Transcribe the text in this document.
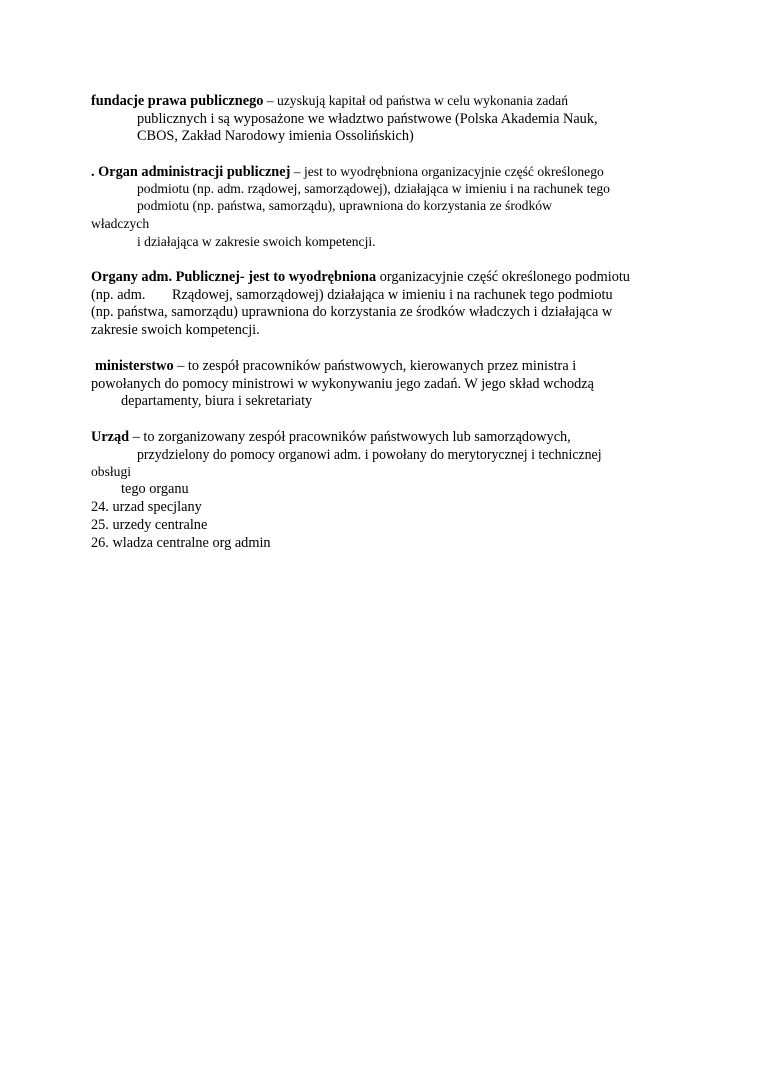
fundacje prawa publicznego – uzyskują kapitał od państwa w celu wykonania zadań
publicznych i są wyposażone we władztwo państwowe (Polska Akademia Nauk,
CBOS, Zakład Narodowy imienia Ossolińskich)
. Organ administracji publicznej – jest to wyodrębniona organizacyjnie część określonego
podmiotu (np. adm. rządowej, samorządowej), działająca w imieniu i na rachunek tego
podmiotu (np. państwa, samorządu), uprawniona do korzystania ze środków
władczych
i działająca w zakresie swoich kompetencji.
Organy adm. Publicznej- jest to wyodrębniona organizacyjnie część określonego podmiotu
(np. adm. Rządowej, samorządowej) działająca w imieniu i na rachunek tego podmiotu
(np. państwa, samorządu) uprawniona do korzystania ze środków władczych i działająca w
zakresie swoich kompetencji.
ministerstwo – to zespół pracowników państwowych, kierowanych przez ministra i
powołanych do pomocy ministrowi w wykonywaniu jego zadań. W jego skład wchodzą
departamenty, biura i sekretariaty
Urząd – to zorganizowany zespół pracowników państwowych lub samorządowych,
przydzielony do pomocy organowi adm. i powołany do merytorycznej i technicznej
obsługi
tego organu
24. urzad specjlany
25. urzedy centralne
26. wladza centralne org admin
